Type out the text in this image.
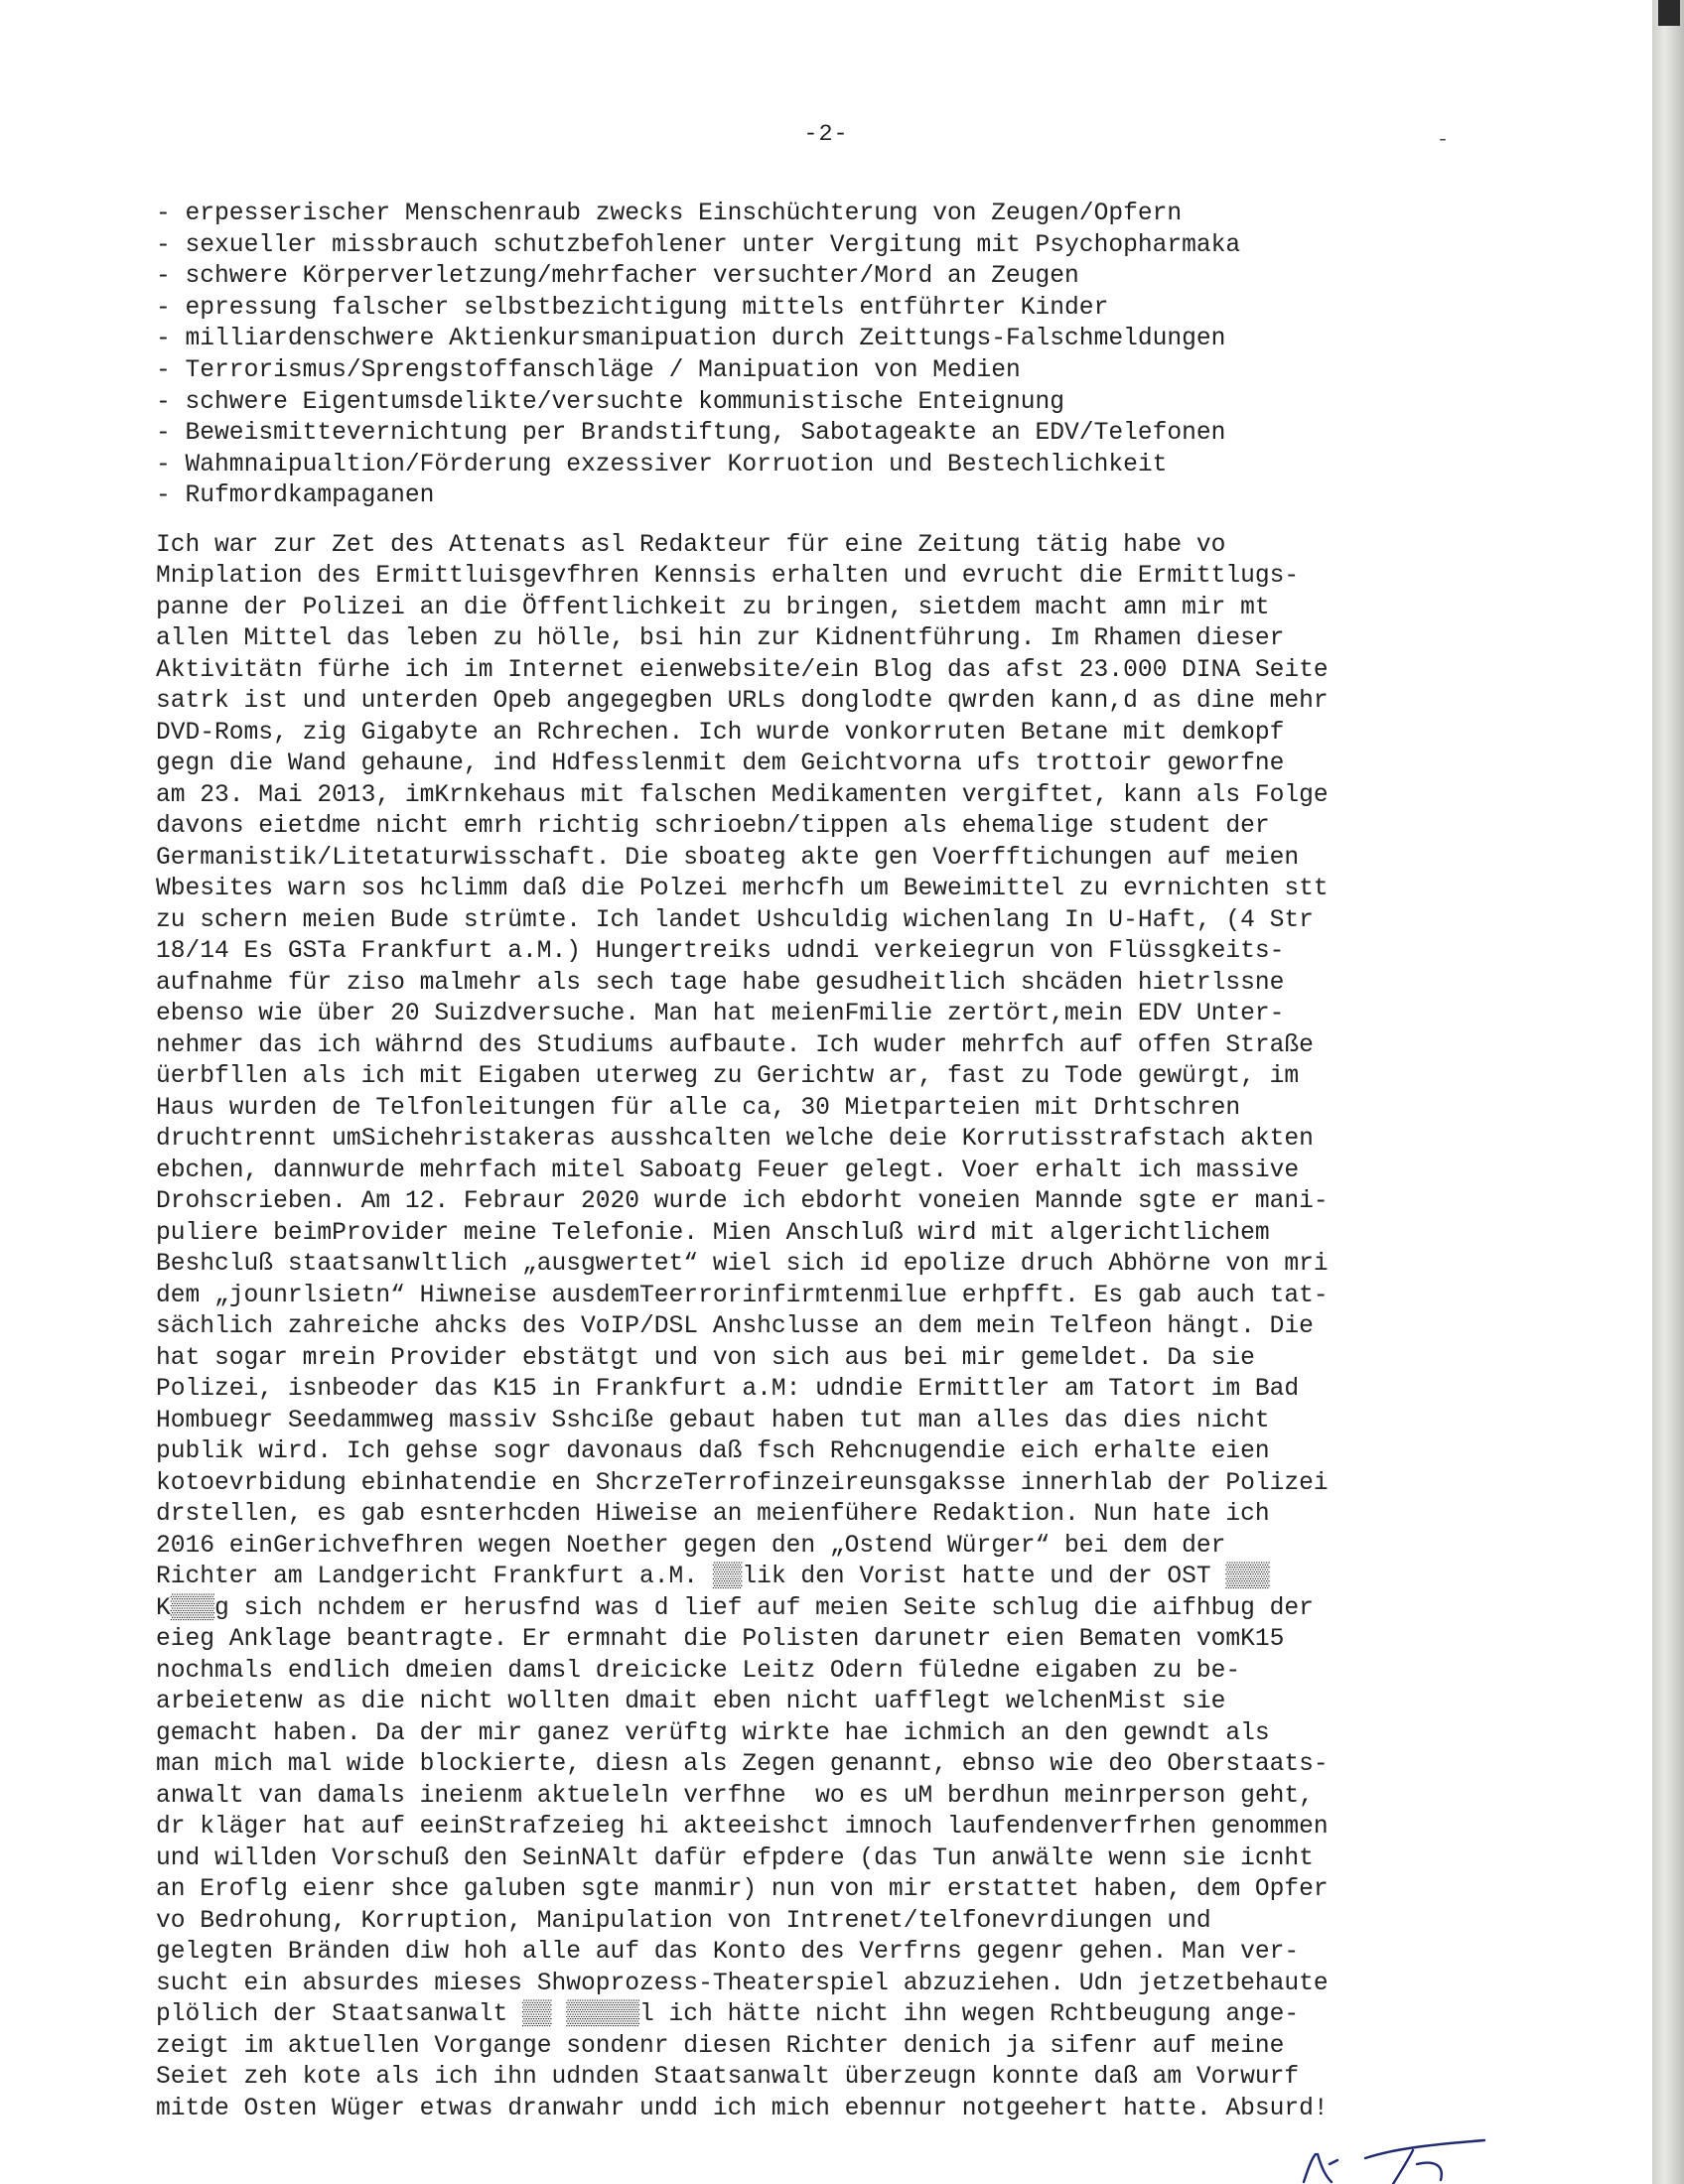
-2-	-
- erpesserischer Menschenraub zwecks Einschüchterung von Zeugen/Opfern
- sexueller missbrauch schutzbefohlener unter Vergitung mit Psychopharmaka
- schwere Körperverletzung/mehrfacher versuchter/Mord an Zeugen
- epressung falscher selbstbezichtigung mittels entführter Kinder
- milliardenschwere Aktienkursmanipuation durch Zeittungs-Falschmeldungen
- Terrorismus/Sprengstoffanschläge / Manipuation von Medien
- schwere Eigentumsdelikte/versuchte kommunistische Enteignung
- Beweismittevernichtung per Brandstiftung, Sabotageakte an EDV/Telefonen
- Wahmnaipualtion/Förderung exzessiver Korruotion und Bestechlichkeit
- Rufmordkampaganen
Ich war zur Zet des Attenats asl Redakteur für eine Zeitung tätig habe vo
Mniplation des Ermittluisgevfhren Kennsis erhalten und evrucht die Ermittlugs-
panne der Polizei an die Öffentlichkeit zu bringen, sietdem macht amn mir mt
allen Mittel das leben zu hölle, bsi hin zur Kidnentführung. Im Rhamen dieser
Aktivitätn fürhe ich im Internet eienwebsite/ein Blog das afst 23.000 DINA Seite
satrk ist und unterden Opeb angegegben URLs donglodte qwrden kann,d as dine mehr
DVD-Roms, zig Gigabyte an Rchrechen. Ich wurde vonkorruten Betane mit demkopf
gegn die Wand gehaune, ind Hdfesslenmit dem Geichtvorna ufs trottoir geworfne
am 23. Mai 2013, imKrnkehaus mit falschen Medikamenten vergiftet, kann als Folge
davons eietdme nicht emrh richtig schrioebn/tippen als ehemalige student der
Germanistik/Litetaturwisschaft. Die sboateg akte gen Voerfftichungen auf meien
Wbesites warn sos hclimm daß die Polzei merhcfh um Beweimittel zu evrnichten stt
zu schern meien Bude strümte. Ich landet Ushculdig wichenlang In U-Haft, (4 Str
18/14 Es GSTa Frankfurt a.M.) Hungertreiks udndi verkeiegrun von Flüssgkeits-
aufnahme für ziso malmehr als sech tage habe gesudheitlich shcäden hietrlssne
ebenso wie über 20 Suizdversuche. Man hat meienFmilie zertört,mein EDV Unter-
nehmer das ich währnd des Studiums aufbaute. Ich wuder mehrfch auf offen Straße
üerbfllen als ich mit Eigaben uterweg zu Gerichtw ar, fast zu Tode gewürgt, im
Haus wurden de Telfonleitungen für alle ca, 30 Mietparteien mit Drhtschren
druchtrennt umSichehristakeras ausshcalten welche deie Korrutisstrafstach akten
ebchen, dannwurde mehrfach mitel Saboatg Feuer gelegt. Voer erhalt ich massive
Drohscrieben. Am 12. Febraur 2020 wurde ich ebdorht voneien Mannde sgte er mani-
puliere beimProvider meine Telefonie. Mien Anschluß wird mit algerichtlichem
Beshcluß staatsanwltlich „ausgwertet“ wiel sich id epolize druch Abhörne von mri
dem „jounrlsietn“ Hiwneise ausdemTeerrorinfirmtenmilue erhpfft. Es gab auch tat-
sächlich zahreiche ahcks des VoIP/DSL Anshclusse an dem mein Telfeon hängt. Die
hat sogar mrein Provider ebstätgt und von sich aus bei mir gemeldet. Da sie
Polizei, isnbeoder das K15 in Frankfurt a.M: udndie Ermittler am Tatort im Bad
Hombuegr Seedammweg massiv Sshciße gebaut haben tut man alles das dies nicht
publik wird. Ich gehse sogr davonaus daß fsch Rehcnugendie eich erhalte eien
kotoevrbidung ebinhatendie en ShcrzeTerrofinzeireunsgaksse innerhlab der Polizei
drstellen, es gab esnterhcden Hiweise an meienfühere Redaktion. Nun hate ich
2016 einGerichvefhren wegen Noether gegen den „Ostend Würger“ bei dem der
Richter am Landgericht Frankfurt a.M. ▒▒lik den Vorist hatte und der OST ▒▒▒
K▒▒▒g sich nchdem er herusfnd was d lief auf meien Seite schlug die aifhbug der
eieg Anklage beantragte. Er ermnaht die Polisten darunetr eien Bematen vomK15
nochmals endlich dmeien damsl dreicicke Leitz Odern füledne eigaben zu be-
arbeietenw as die nicht wollten dmait eben nicht uafflegt welchenMist sie
gemacht haben. Da der mir ganez verüftg wirkte hae ichmich an den gewndt als
man mich mal wide blockierte, diesn als Zegen genannt, ebnso wie deo Oberstaats-
anwalt van damals ineienm aktueleln verfhne  wo es uM berdhun meinrperson geht,
dr kläger hat auf eeinStrafzeieg hi akteeishct imnoch laufendenverfrhen genommen
und willden Vorschuß den SeinNAlt dafür efpdere (das Tun anwälte wenn sie icnht
an Eroflg eienr shce galuben sgte manmir) nun von mir erstattet haben, dem Opfer
vo Bedrohung, Korruption, Manipulation von Intrenet/telfonevrdiungen und
gelegten Bränden diw hoh alle auf das Konto des Verfrns gegenr gehen. Man ver-
sucht ein absurdes mieses Shwoprozess-Theaterspiel abzuziehen. Udn jetzetbehaute
plölich der Staatsanwalt ▒▒ ▒▒▒▒▒l ich hätte nicht ihn wegen Rchtbeugung ange-
zeigt im aktuellen Vorgange sondenr diesen Richter denich ja sifenr auf meine
Seiet zeh kote als ich ihn udnden Staatsanwalt überzeugn konnte daß am Vorwurf
mitde Osten Wüger etwas dranwahr undd ich mich ebennur notgeehert hatte. Absurd!
